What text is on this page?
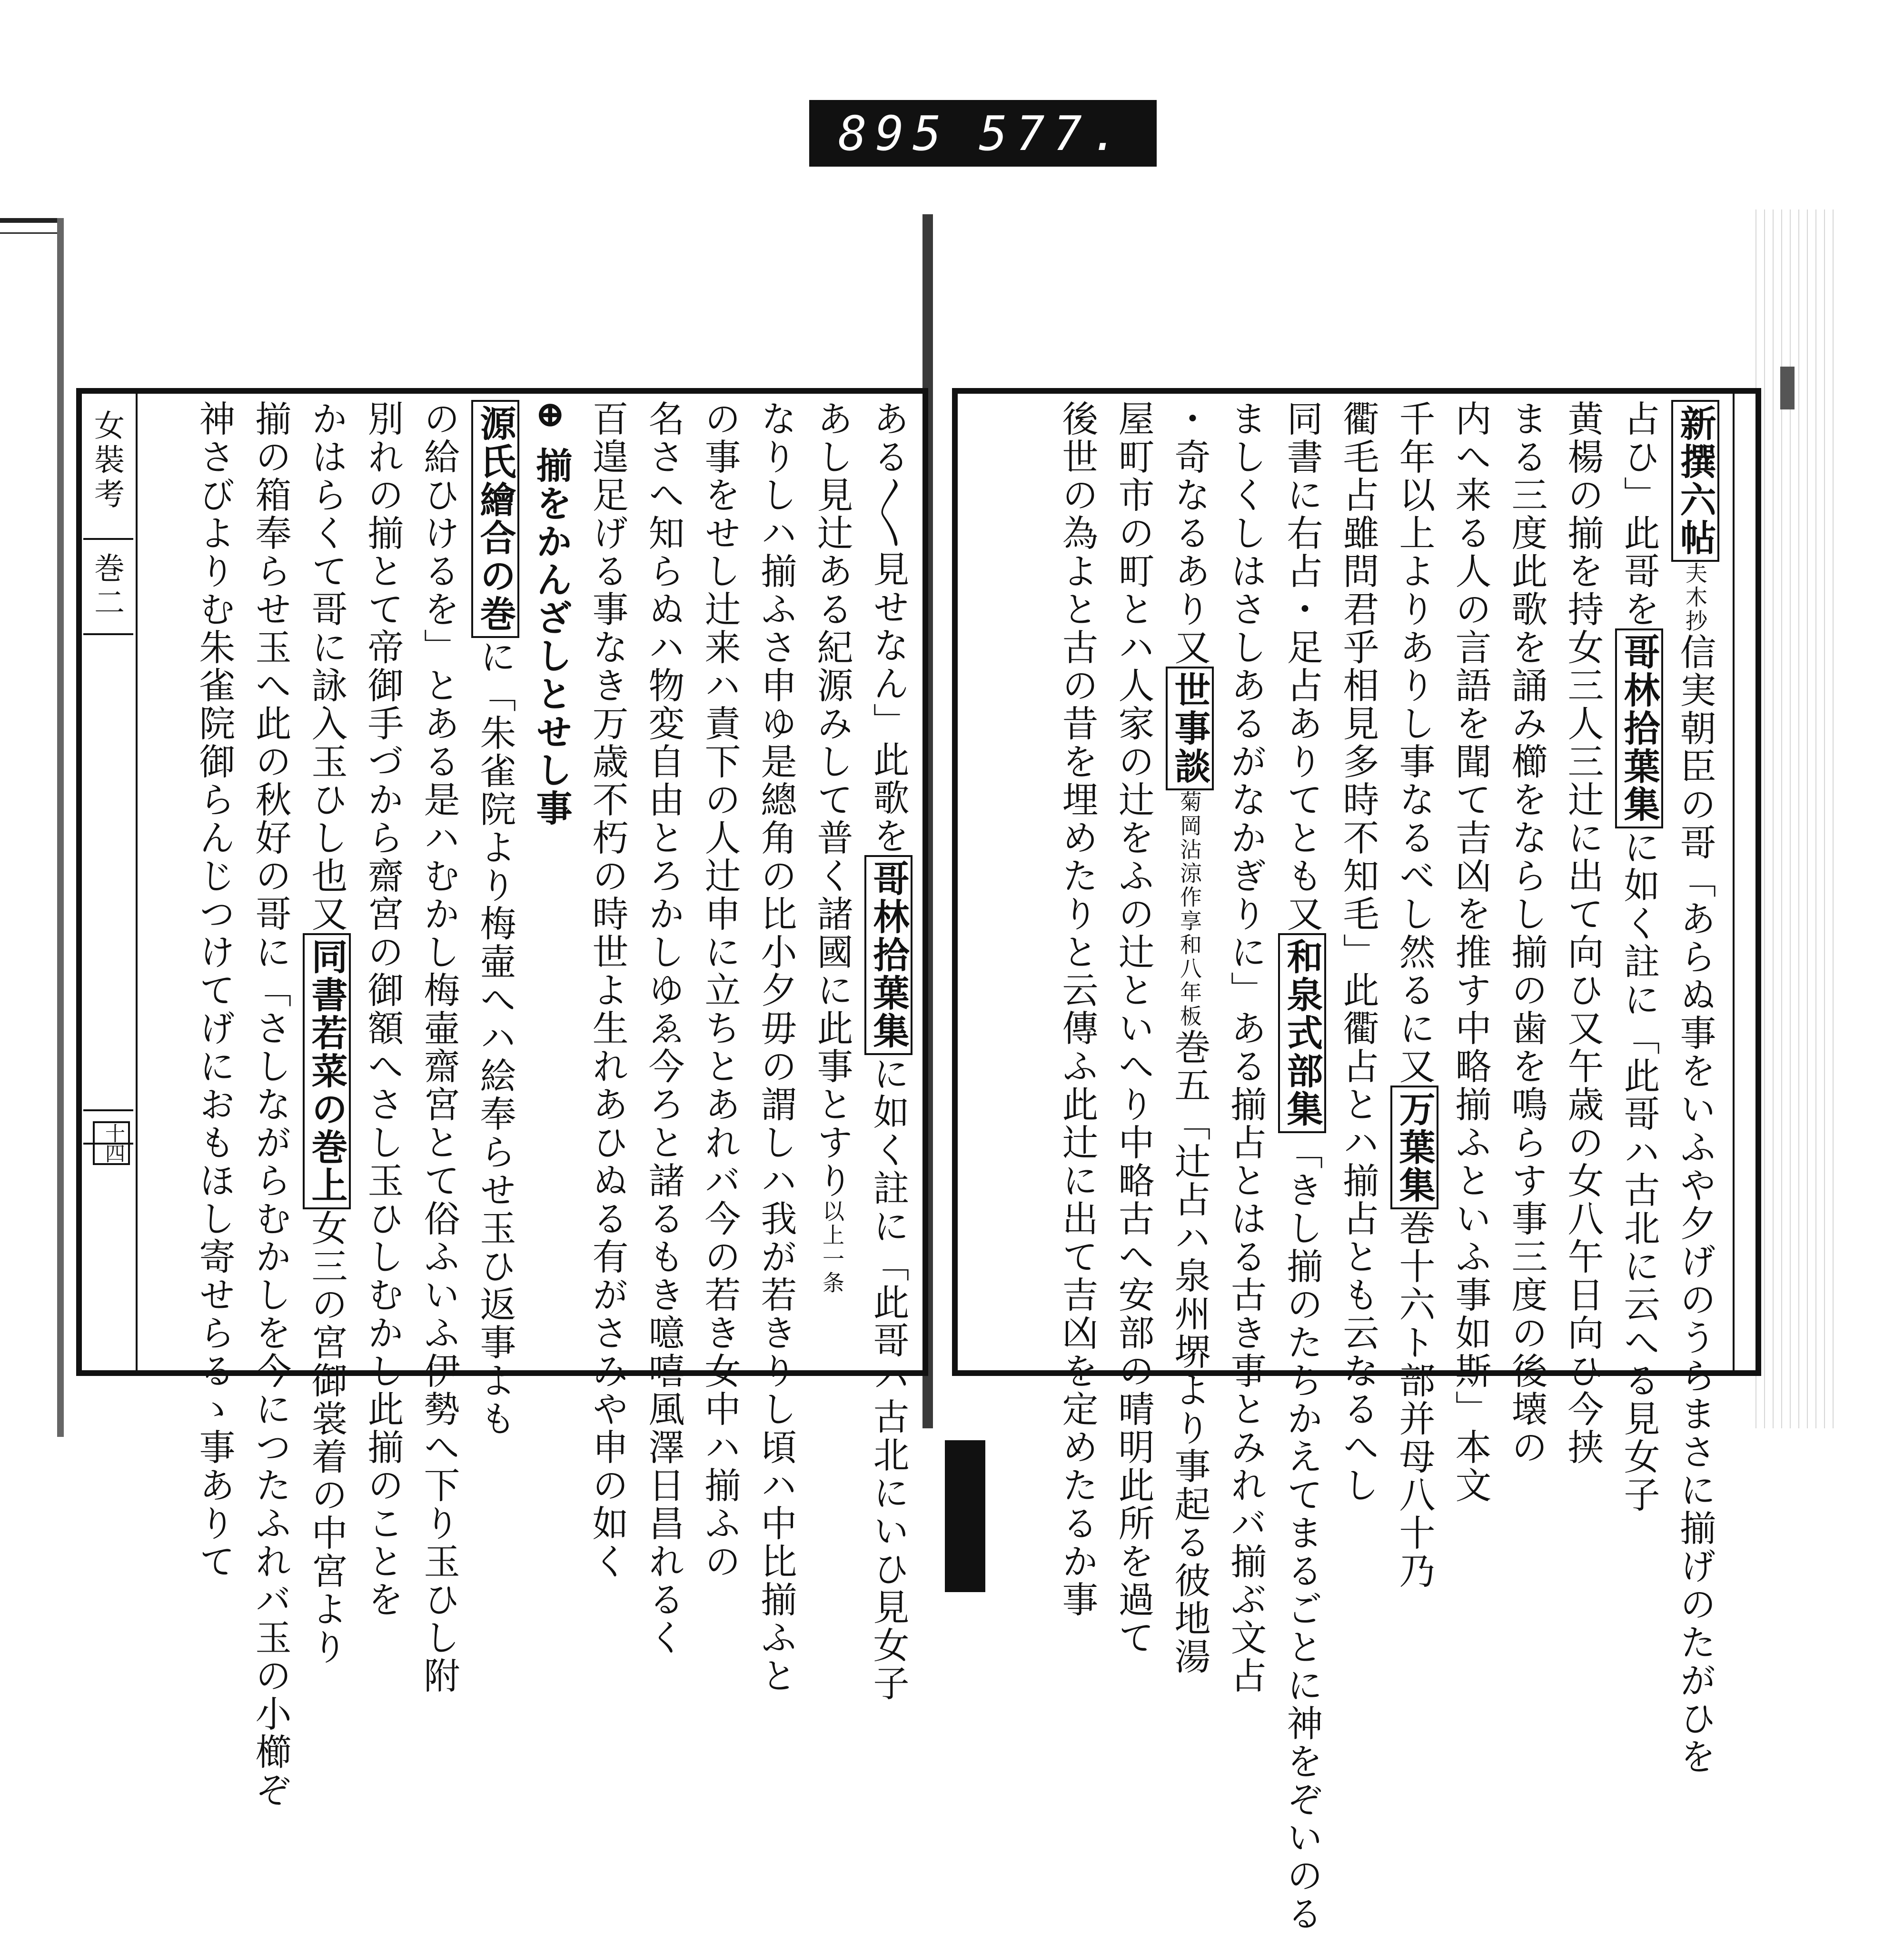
895 577.
女裝考
巻二
十四
新撰六帖夫木抄信実朝臣の哥「あらぬ事をいふや夕げのうらまさに揃げのたがひを
占ひ」此哥を哥林拾葉集に如く註に「此哥ハ古北に云へる見女子
黄楊の揃を持女三人三辻に出て向ひ又午歳の女八午日向ひ今挟
まる三度此歌を誦み櫛をならし揃の歯を鳴らす事三度の後壊の
内へ来る人の言語を聞て吉凶を推す中略揃ふといふ事如斯」本文
千年以上よりありし事なるべし然るに又万葉集巻十六ト部并母八十乃
衢毛占雖問君乎相見多時不知毛」此衢占とハ揃占とも云なるへし
同書に右占・足占ありてとも又和泉式部集「きし揃のたちかえてまるごとに神をぞいのる
ましくしはさしあるがなかぎりに」ある揃占とはる古き事とみれバ揃ぶ文占
・奇なるあり又世事談菊岡沾涼作享和八年板巻五「辻占ハ泉州堺より事起る彼地湯
屋町市の町とハ人家の辻をふの辻といへり中略古へ安部の晴明此所を過て
後世の為よと古の昔を埋めたりと云傳ふ此辻に出て吉凶を定めたるか事
ある〳〵見せなん」此歌を哥林拾葉集に如く註に「此哥ハ古北にいひ見女子
あし見辻ある紀源みして普く諸國に此事とすり以上一条
なりしハ揃ふさ申ゆ是總角の比小夕毋の謂しハ我が若きりし頃ハ中比揃ふと
の事をせし辻来ハ責下の人辻申に立ちとあれバ今の若き女中ハ揃ふの
名さへ知らぬハ物変自由とろかしゆゑ今ろと諸るもき噫嘻風澤日昌れるく
百遑足げる事なき万歳不朽の時世よ生れあひぬる有がさみや申の如く
⊕ 揃をかんざしとせし事
源氏繪合の巻に「朱雀院より梅壷へハ絵奉らせ玉ひ返事よも
の給ひけるを」とある是ハむかし梅壷齋宮とて俗ふいふ伊勢へ下り玉ひし附
別れの揃とて帝御手づから齋宮の御額へさし玉ひしむかし此揃のことを
かはらくて哥に詠入玉ひし也又同書若菜の巻上女三の宮御裳着の中宮より
揃の箱奉らせ玉へ此の秋好の哥に「さしながらむかしを今につたふれバ玉の小櫛ぞ
神さびよりむ朱雀院御らんじつけてげにおもほし寄せらるゝ事ありて
